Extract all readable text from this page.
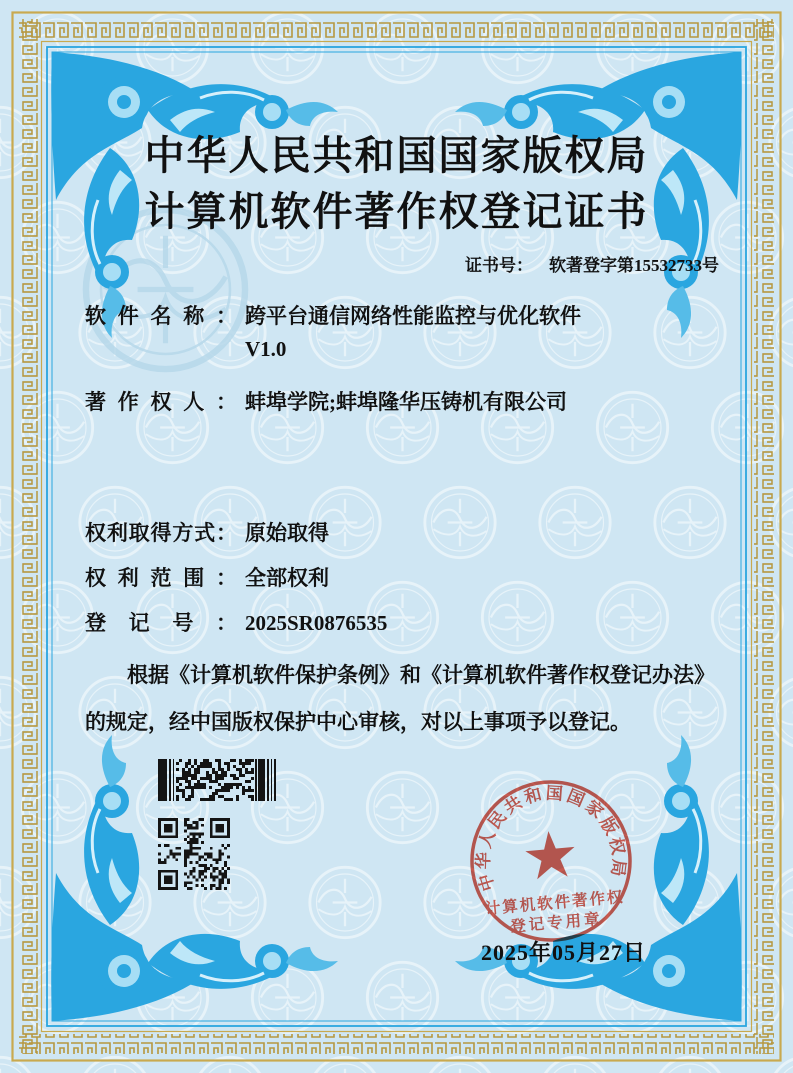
中华人民共和国国家版权局
计算机软件著作权登记证书
证书号： 软著登字第15532733号
软件名称： 跨平台通信网络性能监控与优化软件
V1.0
著作权人： 蚌埠学院;蚌埠隆华压铸机有限公司
权利取得方式： 原始取得
权利范围： 全部权利
登记号： 2025SR0876535
根据《计算机软件保护条例》和《计算机软件著作权登记办法》的规定，经中国版权保护中心审核，对以上事项予以登记。
中华人民共和国国家版权局
计算机软件著作权
登记专用章
2025年05月27日
